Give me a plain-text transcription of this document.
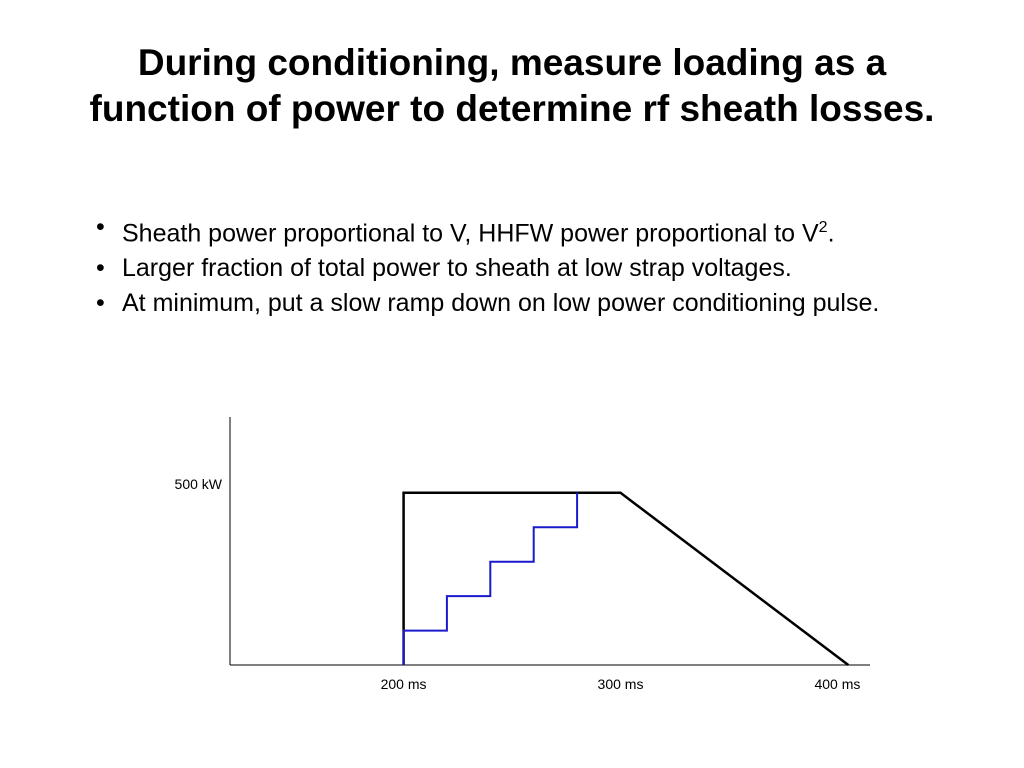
During conditioning, measure loading as a function of power to determine rf sheath losses.
• Sheath power proportional to V, HHFW power proportional to $V^2$.
• Larger fraction of total power to sheath at low strap voltages.
• At minimum, put a slow ramp down on low power conditioning pulse.
200 ms	300 ms	400 ms
500 kW
